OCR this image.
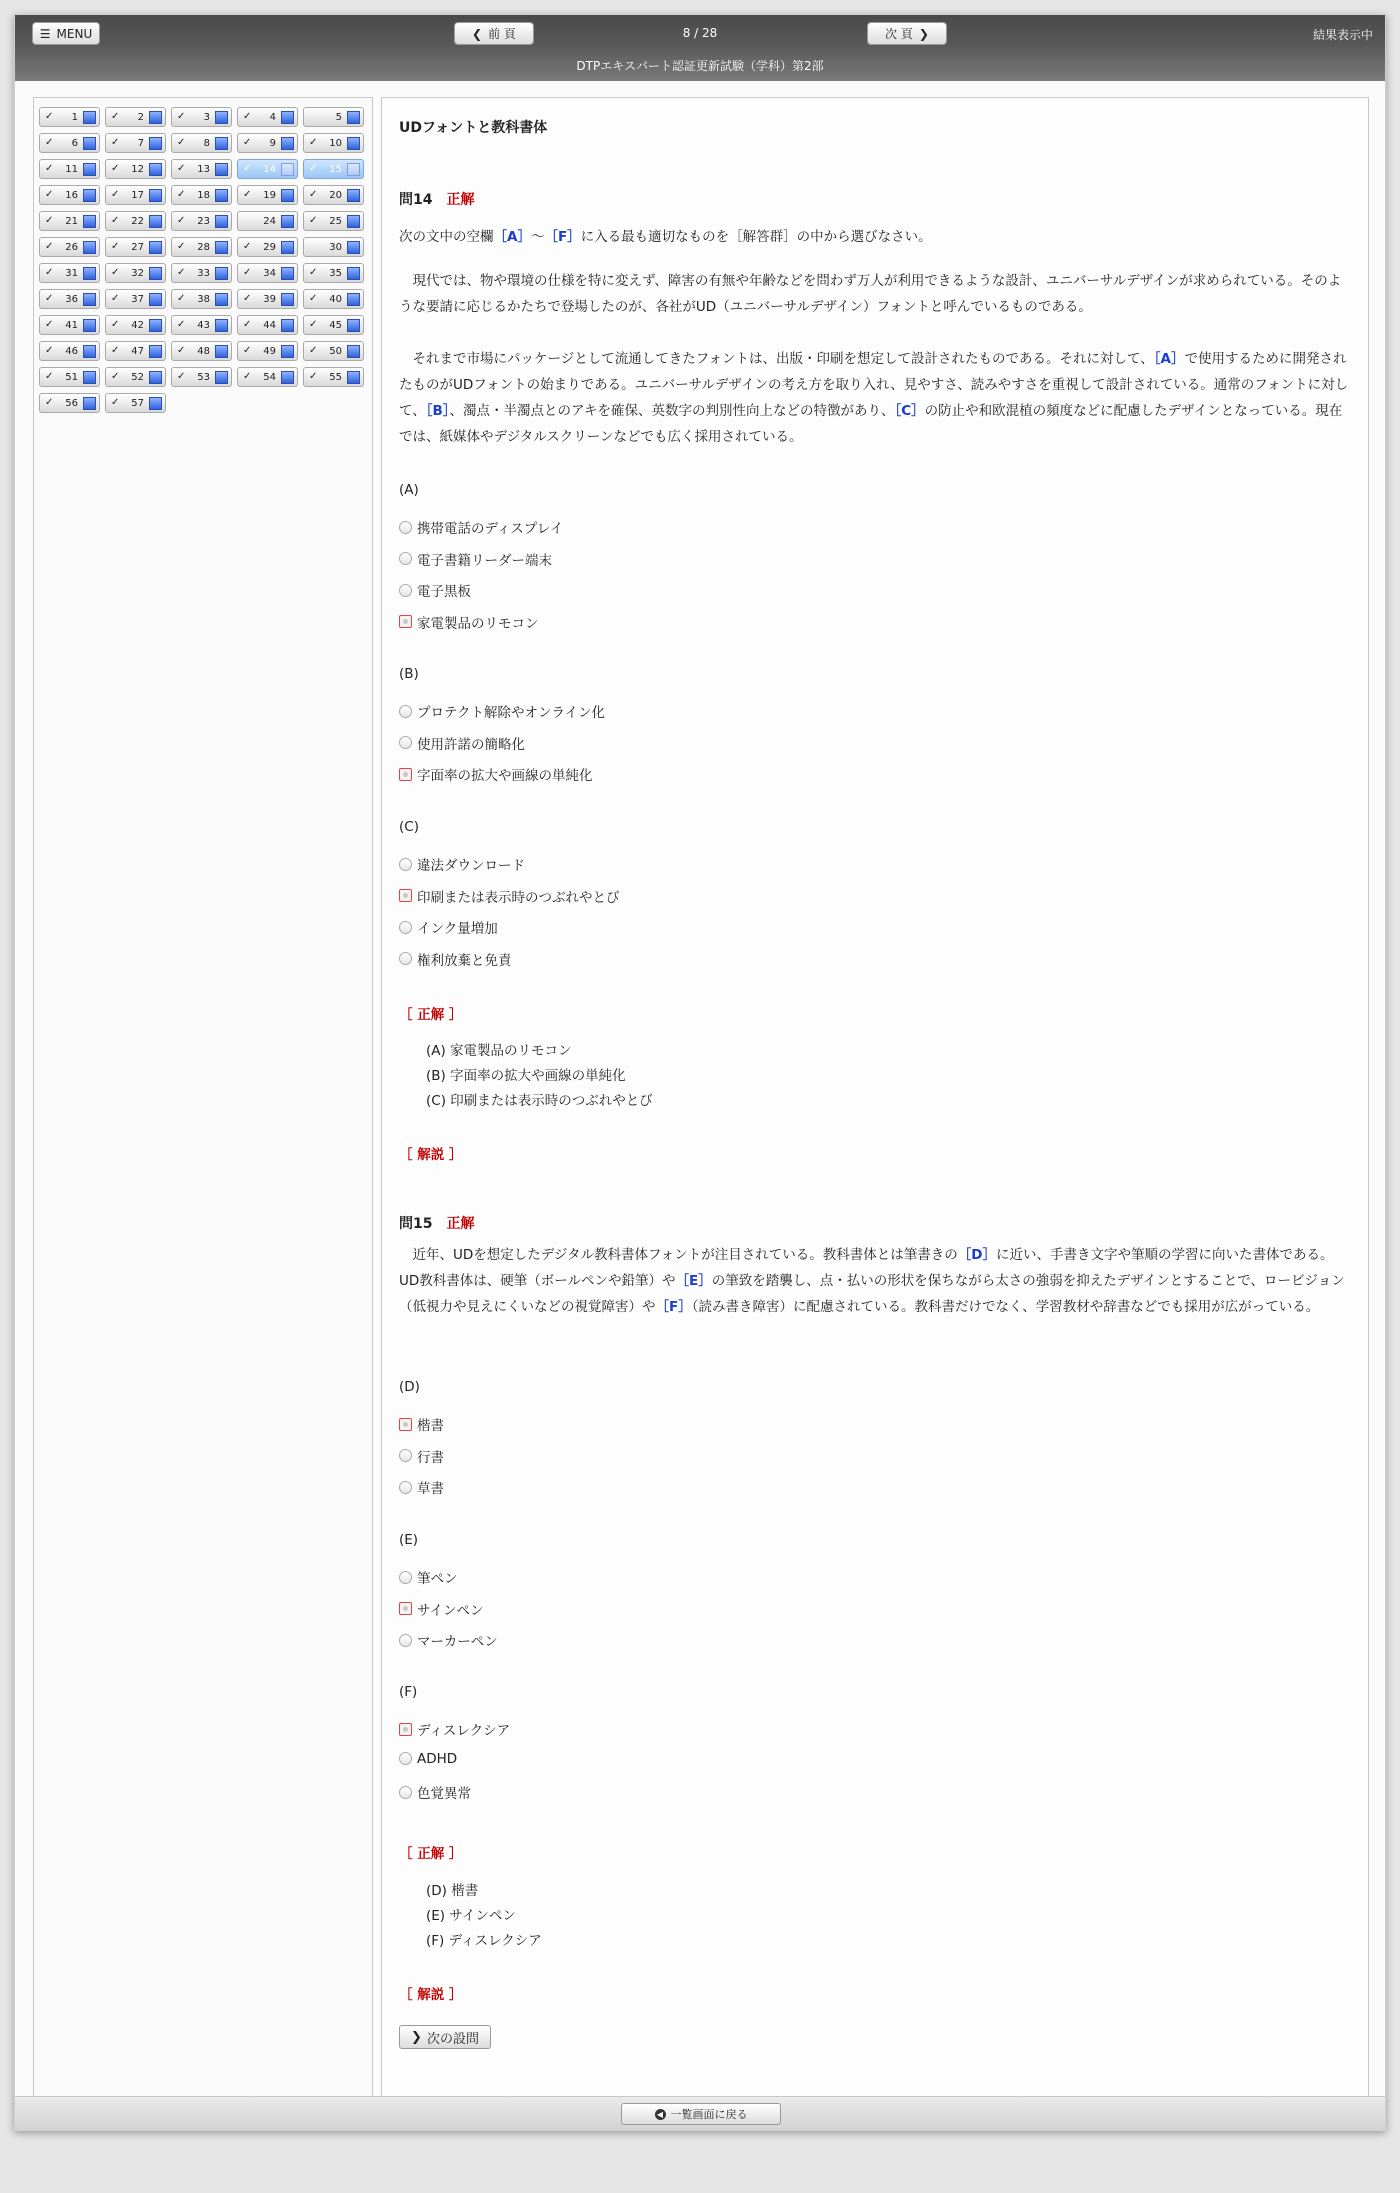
☰ MENU	❮ 前 頁	8 / 28	次 頁 ❯	結果表示中
DTPエキスパート認証更新試験（学科）第2部
✓ 1	✓ 2	✓ 3	✓ 4	5
✓ 6	✓ 7	✓ 8	✓ 9	✓ 10
✓ 11	✓ 12	✓ 13	✓ 14	✓ 15
✓ 16	✓ 17	✓ 18	✓ 19	✓ 20
✓ 21	✓ 22	✓ 23	24	✓ 25
✓ 26	✓ 27	✓ 28	✓ 29	30
✓ 31	✓ 32	✓ 33	✓ 34	✓ 35
✓ 36	✓ 37	✓ 38	✓ 39	✓ 40
✓ 41	✓ 42	✓ 43	✓ 44	✓ 45
✓ 46	✓ 47	✓ 48	✓ 49	✓ 50
✓ 51	✓ 52	✓ 53	✓ 54	✓ 55
✓ 56	✓ 57
UDフォントと教科書体
問14 正解
次の文中の空欄［A］〜［F］に入る最も適切なものを［解答群］の中から選びなさい。
現代では、物や環境の仕様を特に変えず、障害の有無や年齢などを問わず万人が利用できるような設計、ユニバーサルデザインが求められている。そのような要請に応じるかたちで登場したのが、各社がUD（ユニバーサルデザイン）フォントと呼んでいるものである。
それまで市場にパッケージとして流通してきたフォントは、出版・印刷を想定して設計されたものである。それに対して、［A］で使用するために開発されたものがUDフォントの始まりである。ユニバーサルデザインの考え方を取り入れ、見やすさ、読みやすさを重視して設計されている。通常のフォントに対して、［B］、濁点・半濁点とのアキを確保、英数字の判別性向上などの特徴があり、［C］の防止や和欧混植の頻度などに配慮したデザインとなっている。現在では、紙媒体やデジタルスクリーンなどでも広く採用されている。
(A)
携帯電話のディスプレイ
電子書籍リーダー端末
電子黒板
家電製品のリモコン
(B)
プロテクト解除やオンライン化
使用許諾の簡略化
字面率の拡大や画線の単純化
(C)
違法ダウンロード
印刷または表示時のつぶれやとび
インク量増加
権利放棄と免責
［ 正解 ］
(A) 家電製品のリモコン
(B) 字面率の拡大や画線の単純化
(C) 印刷または表示時のつぶれやとび
［ 解説 ］
問15 正解
近年、UDを想定したデジタル教科書体フォントが注目されている。教科書体とは筆書きの［D］に近い、手書き文字や筆順の学習に向いた書体である。UD教科書体は、硬筆（ボールペンや鉛筆）や［E］の筆致を踏襲し、点・払いの形状を保ちながら太さの強弱を抑えたデザインとすることで、ロービジョン（低視力や見えにくいなどの視覚障害）や［F］（読み書き障害）に配慮されている。教科書だけでなく、学習教材や辞書などでも採用が広がっている。
(D)
楷書
行書
草書
(E)
筆ペン
サインペン
マーカーペン
(F)
ディスレクシア
ADHD
色覚異常
［ 正解 ］
(D) 楷書
(E) サインペン
(F) ディスレクシア
［ 解説 ］
❯ 次の設問
◀ 一覧画面に戻る
